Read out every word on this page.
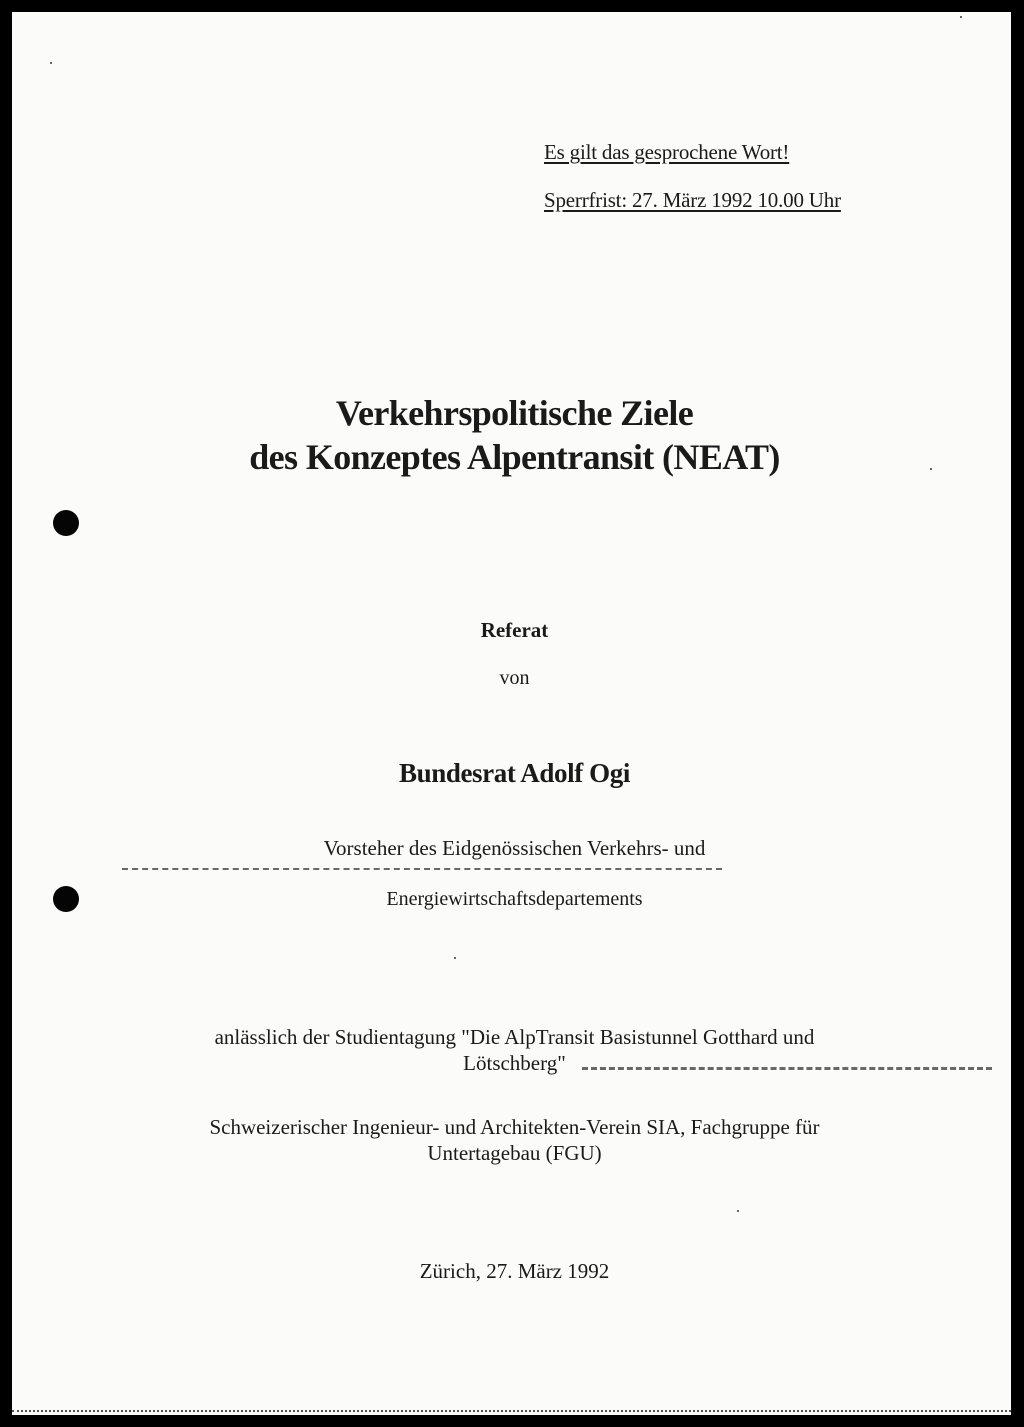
Es gilt das gesprochene Wort!
Sperrfrist: 27. März 1992 10.00 Uhr
Verkehrspolitische Ziele
des Konzeptes Alpentransit (NEAT)
Referat
von
Bundesrat Adolf Ogi
Vorsteher des Eidgenössischen Verkehrs- und
Energiewirtschaftsdepartements
anlässlich der Studientagung "Die AlpTransit Basistunnel Gotthard und
Lötschberg"
Schweizerischer Ingenieur- und Architekten-Verein SIA, Fachgruppe für
Untertagebau (FGU)
Zürich, 27. März 1992
